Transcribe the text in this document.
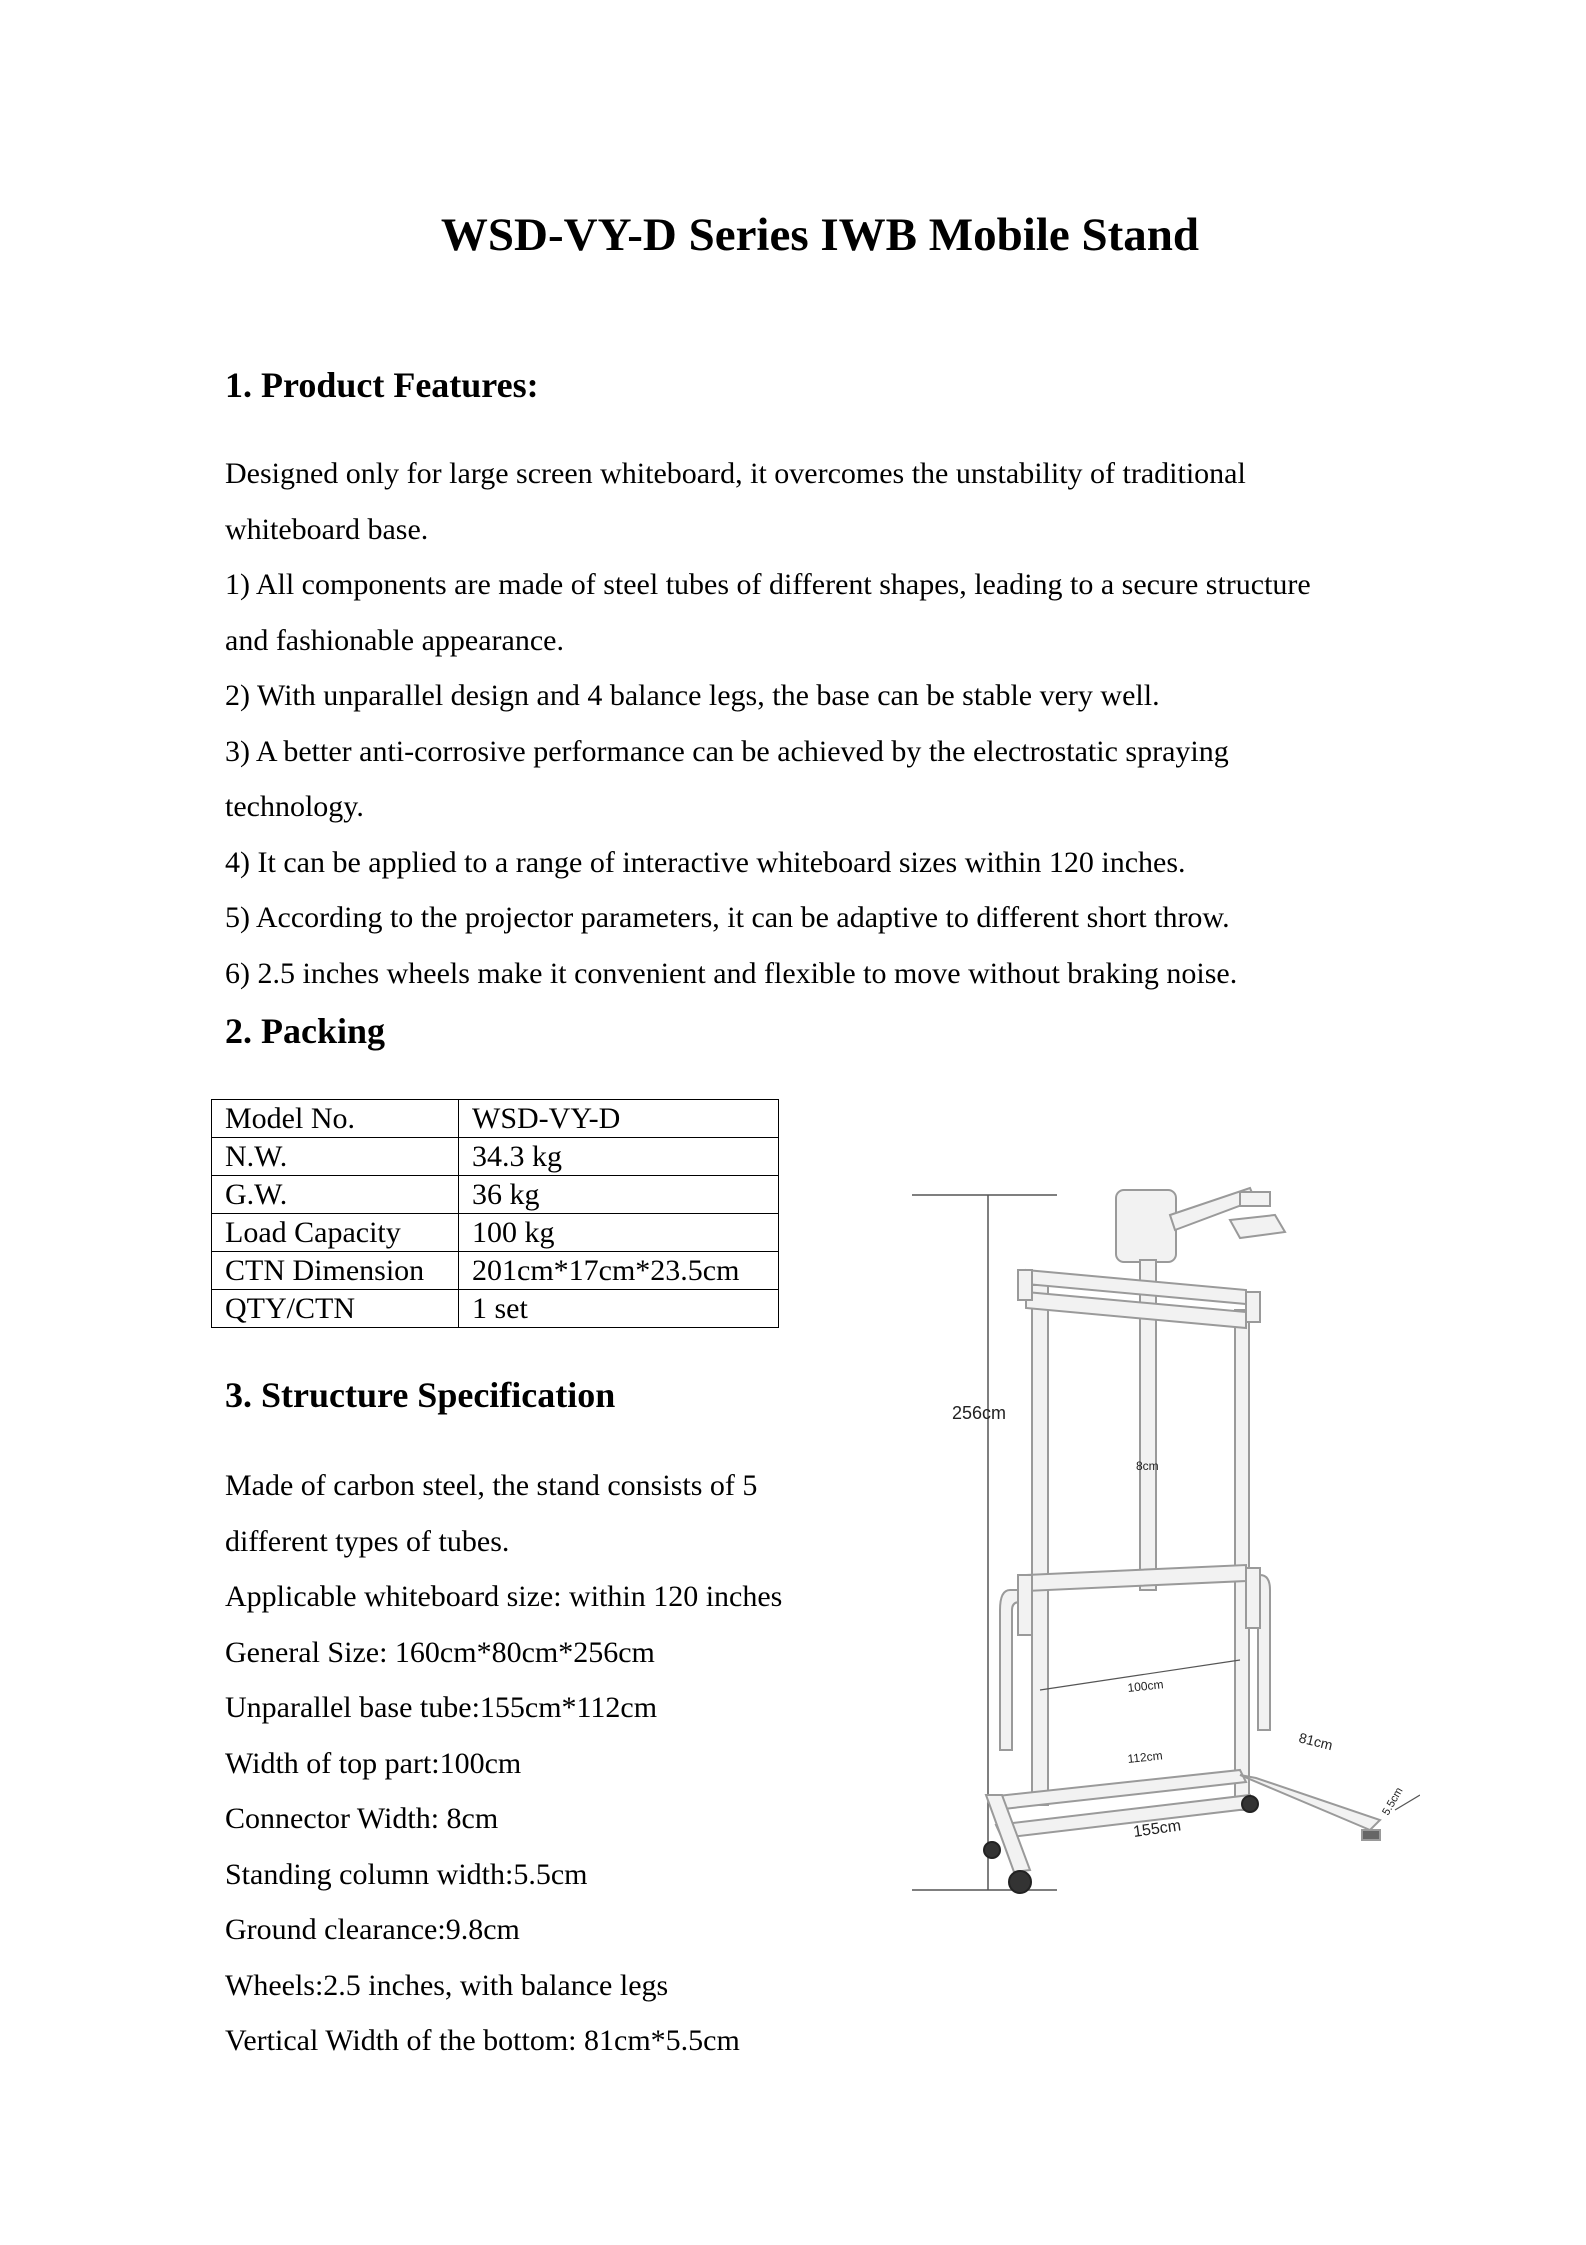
WSD-VY-D Series IWB Mobile Stand
1. Product Features:
Designed only for large screen whiteboard, it overcomes the unstability of traditional
whiteboard base.
1) All components are made of steel tubes of different shapes, leading to a secure structure
and fashionable appearance.
2) With unparallel design and 4 balance legs, the base can be stable very well.
3) A better anti-corrosive performance can be achieved by the electrostatic spraying
technology.
4) It can be applied to a range of interactive whiteboard sizes within 120 inches.
5) According to the projector parameters, it can be adaptive to different short throw.
6) 2.5 inches wheels make it convenient and flexible to move without braking noise.
2. Packing
Model No.	WSD-VY-D
N.W.	34.3 kg
G.W.	36 kg
Load Capacity	100 kg
CTN Dimension	201cm*17cm*23.5cm
QTY/CTN	1 set
3. Structure Specification
Made of carbon steel, the stand consists of 5
different types of tubes.
Applicable whiteboard size: within 120 inches
General Size: 160cm*80cm*256cm
Unparallel base tube:155cm*112cm
Width of top part:100cm
Connector Width: 8cm
Standing column width:5.5cm
Ground clearance:9.8cm
Wheels:2.5 inches, with balance legs
Vertical Width of the bottom: 81cm*5.5cm
256cm
8cm
100cm
112cm
81cm
155cm
5.5cm
